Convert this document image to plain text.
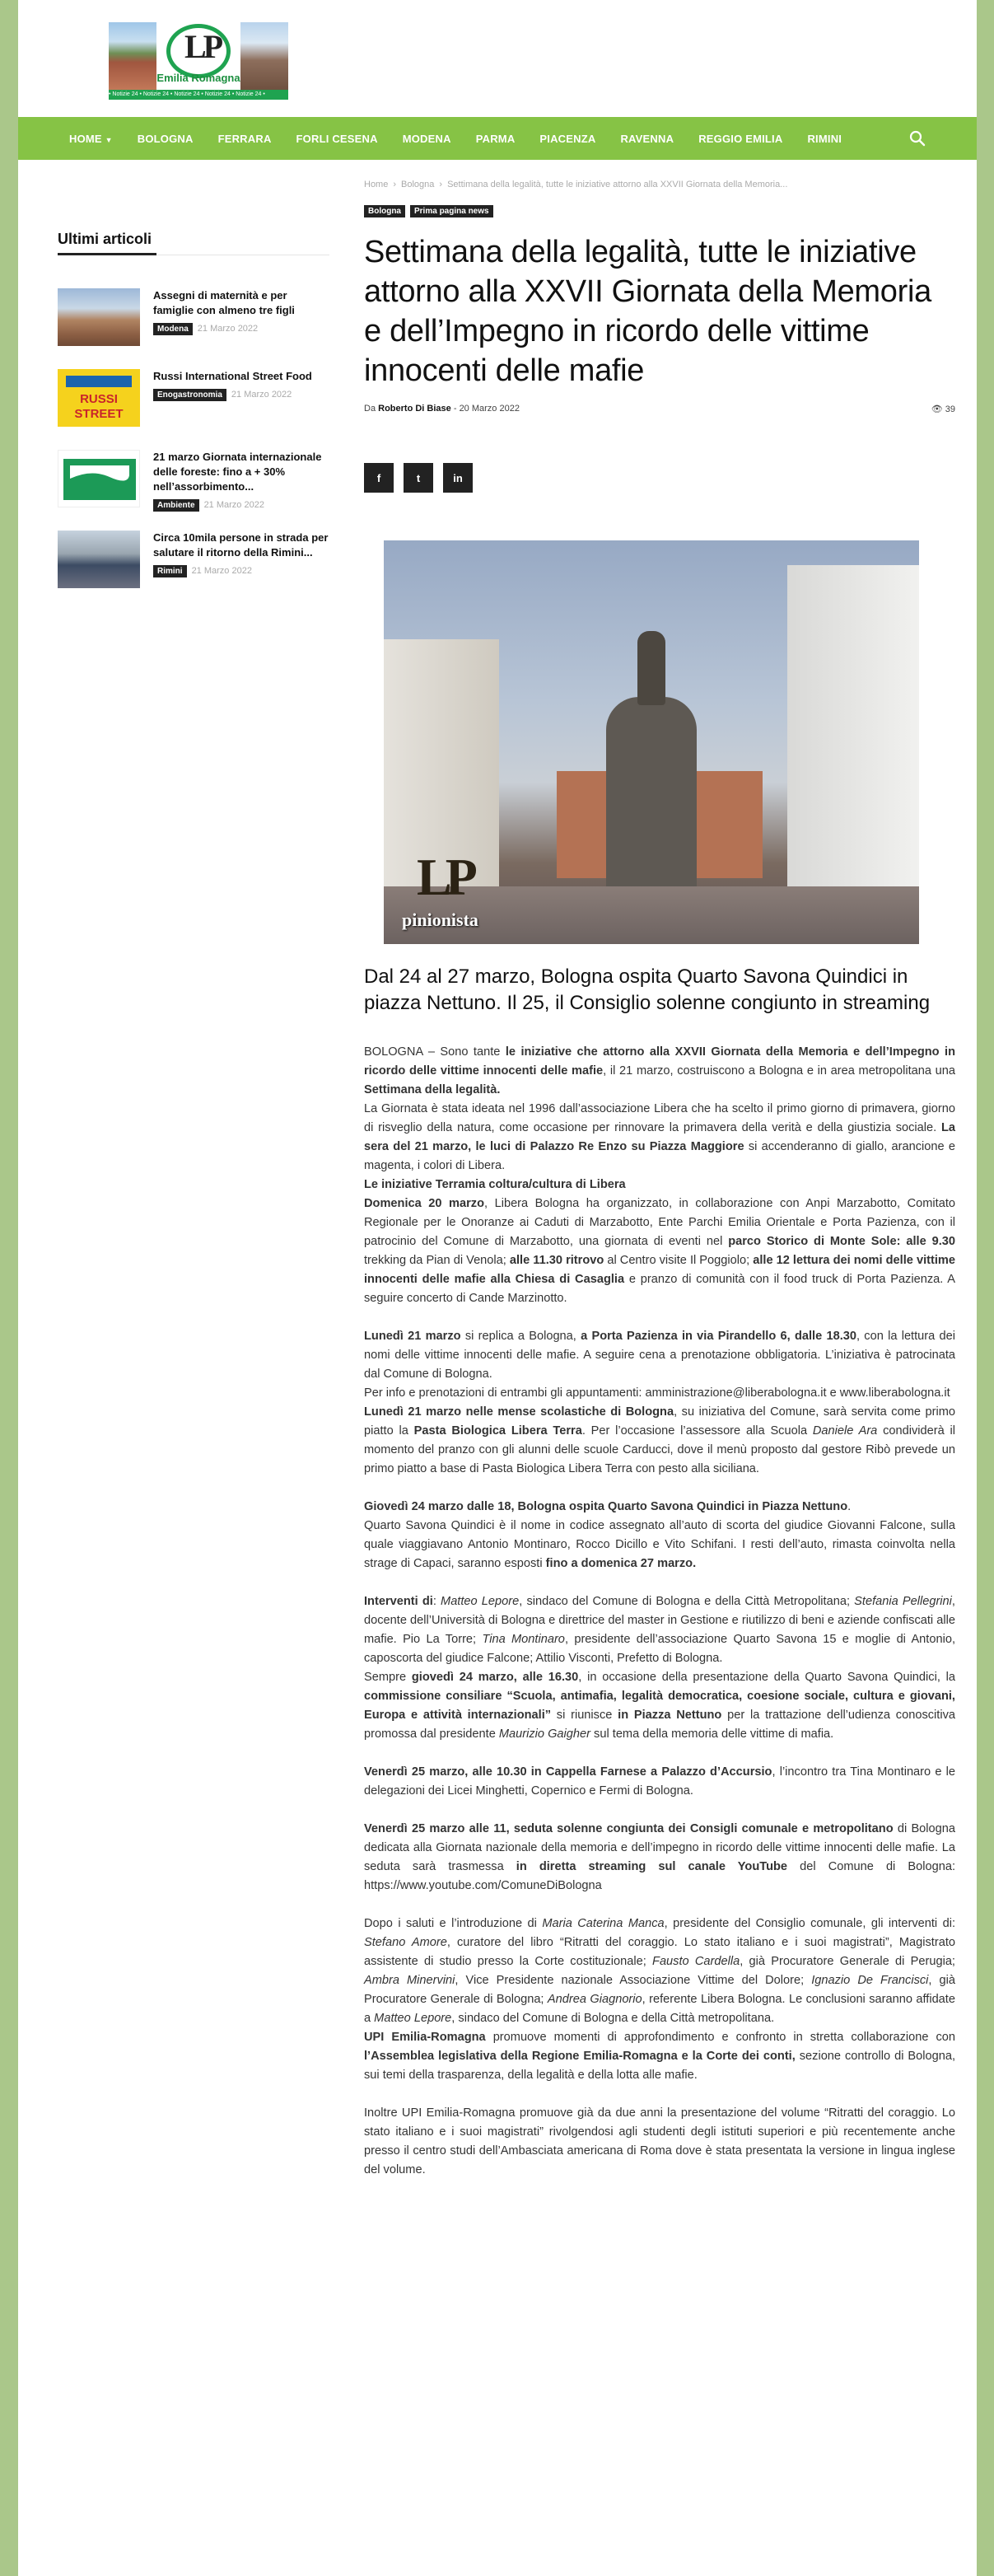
LP
Emilia Romagna
• Notizie 24 • Notizie 24 • Notizie 24 • Notizie 24 • Notizie 24 •
HOME ▼ BOLOGNA FERRARA FORLI CESENA MODENA PARMA PIACENZA RAVENNA REGGIO EMILIA RIMINI
Ultimi articoli
Assegni di maternità e per famiglie con almeno tre figli
Modena 21 Marzo 2022
RUSSI STREET
Russi International Street Food
Enogastronomia 21 Marzo 2022
21 marzo Giornata internazionale delle foreste: fino a + 30% nell’assorbimento...
Ambiente 21 Marzo 2022
Circa 10mila persone in strada per salutare il ritorno della Rimini...
Rimini 21 Marzo 2022
Home › Bologna › Settimana della legalità, tutte le iniziative attorno alla XXVII Giornata della Memoria...
Bologna Prima pagina news
Settimana della legalità, tutte le iniziative attorno alla XXVII Giornata della Memoria e dell’Impegno in ricordo delle vittime innocenti delle mafie
Da Roberto Di Biase - 20 Marzo 2022	👁 39
f	t	in
LP
pinionista
Dal 24 al 27 marzo, Bologna ospita Quarto Savona Quindici in piazza Nettuno. Il 25, il Consiglio solenne congiunto in streaming

BOLOGNA – Sono tante le iniziative che attorno alla XXVII Giornata della Memoria e dell’Impegno in ricordo delle vittime innocenti delle mafie, il 21 marzo, costruiscono a Bologna e in area metropolitana una Settimana della legalità.

La Giornata è stata ideata nel 1996 dall’associazione Libera che ha scelto il primo giorno di primavera, giorno di risveglio della natura, come occasione per rinnovare la primavera della verità e della giustizia sociale. La sera del 21 marzo, le luci di Palazzo Re Enzo su Piazza Maggiore si accenderanno di giallo, arancione e magenta, i colori di Libera.

Le iniziative Terramia coltura/cultura di Libera

Domenica 20 marzo, Libera Bologna ha organizzato, in collaborazione con Anpi Marzabotto, Comitato Regionale per le Onoranze ai Caduti di Marzabotto, Ente Parchi Emilia Orientale e Porta Pazienza, con il patrocinio del Comune di Marzabotto, una giornata di eventi nel parco Storico di Monte Sole: alle 9.30 trekking da Pian di Venola; alle 11.30 ritrovo al Centro visite Il Poggiolo; alle 12 lettura dei nomi delle vittime innocenti delle mafie alla Chiesa di Casaglia e pranzo di comunità con il food truck di Porta Pazienza. A seguire concerto di Cande Marzinotto.

Lunedì 21 marzo si replica a Bologna, a Porta Pazienza in via Pirandello 6, dalle 18.30, con la lettura dei nomi delle vittime innocenti delle mafie. A seguire cena a prenotazione obbligatoria. L’iniziativa è patrocinata dal Comune di Bologna.

Per info e prenotazioni di entrambi gli appuntamenti: amministrazione@liberabologna.it e www.liberabologna.it

Lunedì 21 marzo nelle mense scolastiche di Bologna, su iniziativa del Comune, sarà servita come primo piatto la Pasta Biologica Libera Terra. Per l’occasione l’assessore alla Scuola Daniele Ara condividerà il momento del pranzo con gli alunni delle scuole Carducci, dove il menù proposto dal gestore Ribò prevede un primo piatto a base di Pasta Biologica Libera Terra con pesto alla siciliana.

Giovedì 24 marzo dalle 18, Bologna ospita Quarto Savona Quindici in Piazza Nettuno.

Quarto Savona Quindici è il nome in codice assegnato all’auto di scorta del giudice Giovanni Falcone, sulla quale viaggiavano Antonio Montinaro, Rocco Dicillo e Vito Schifani. I resti dell’auto, rimasta coinvolta nella strage di Capaci, saranno esposti fino a domenica 27 marzo.

Interventi di: Matteo Lepore, sindaco del Comune di Bologna e della Città Metropolitana; Stefania Pellegrini, docente dell’Università di Bologna e direttrice del master in Gestione e riutilizzo di beni e aziende confiscati alle mafie. Pio La Torre; Tina Montinaro, presidente dell’associazione Quarto Savona 15 e moglie di Antonio, caposcorta del giudice Falcone; Attilio Visconti, Prefetto di Bologna.

Sempre giovedì 24 marzo, alle 16.30, in occasione della presentazione della Quarto Savona Quindici, la commissione consiliare “Scuola, antimafia, legalità democratica, coesione sociale, cultura e giovani, Europa e attività internazionali” si riunisce in Piazza Nettuno per la trattazione dell’udienza conoscitiva promossa dal presidente Maurizio Gaigher sul tema della memoria delle vittime di mafia.

Venerdì 25 marzo, alle 10.30 in Cappella Farnese a Palazzo d’Accursio, l’incontro tra Tina Montinaro e le delegazioni dei Licei Minghetti, Copernico e Fermi di Bologna.

Venerdì 25 marzo alle 11, seduta solenne congiunta dei Consigli comunale e metropolitano di Bologna dedicata alla Giornata nazionale della memoria e dell’impegno in ricordo delle vittime innocenti delle mafie. La seduta sarà trasmessa in diretta streaming sul canale YouTube del Comune di Bologna: https://www.youtube.com/ComuneDiBologna

Dopo i saluti e l’introduzione di Maria Caterina Manca, presidente del Consiglio comunale, gli interventi di: Stefano Amore, curatore del libro “Ritratti del coraggio. Lo stato italiano e i suoi magistrati”, Magistrato assistente di studio presso la Corte costituzionale; Fausto Cardella, già Procuratore Generale di Perugia; Ambra Minervini, Vice Presidente nazionale Associazione Vittime del Dolore; Ignazio De Francisci, già Procuratore Generale di Bologna; Andrea Giagnorio, referente Libera Bologna. Le conclusioni saranno affidate a Matteo Lepore, sindaco del Comune di Bologna e della Città metropolitana.

UPI Emilia-Romagna promuove momenti di approfondimento e confronto in stretta collaborazione con l’Assemblea legislativa della Regione Emilia-Romagna e la Corte dei conti, sezione controllo di Bologna, sui temi della trasparenza, della legalità e della lotta alle mafie.

Inoltre UPI Emilia-Romagna promuove già da due anni la presentazione del volume “Ritratti del coraggio. Lo stato italiano e i suoi magistrati” rivolgendosi agli studenti degli istituti superiori e più recentemente anche presso il centro studi dell’Ambasciata americana di Roma dove è stata presentata la versione in lingua inglese del volume.
